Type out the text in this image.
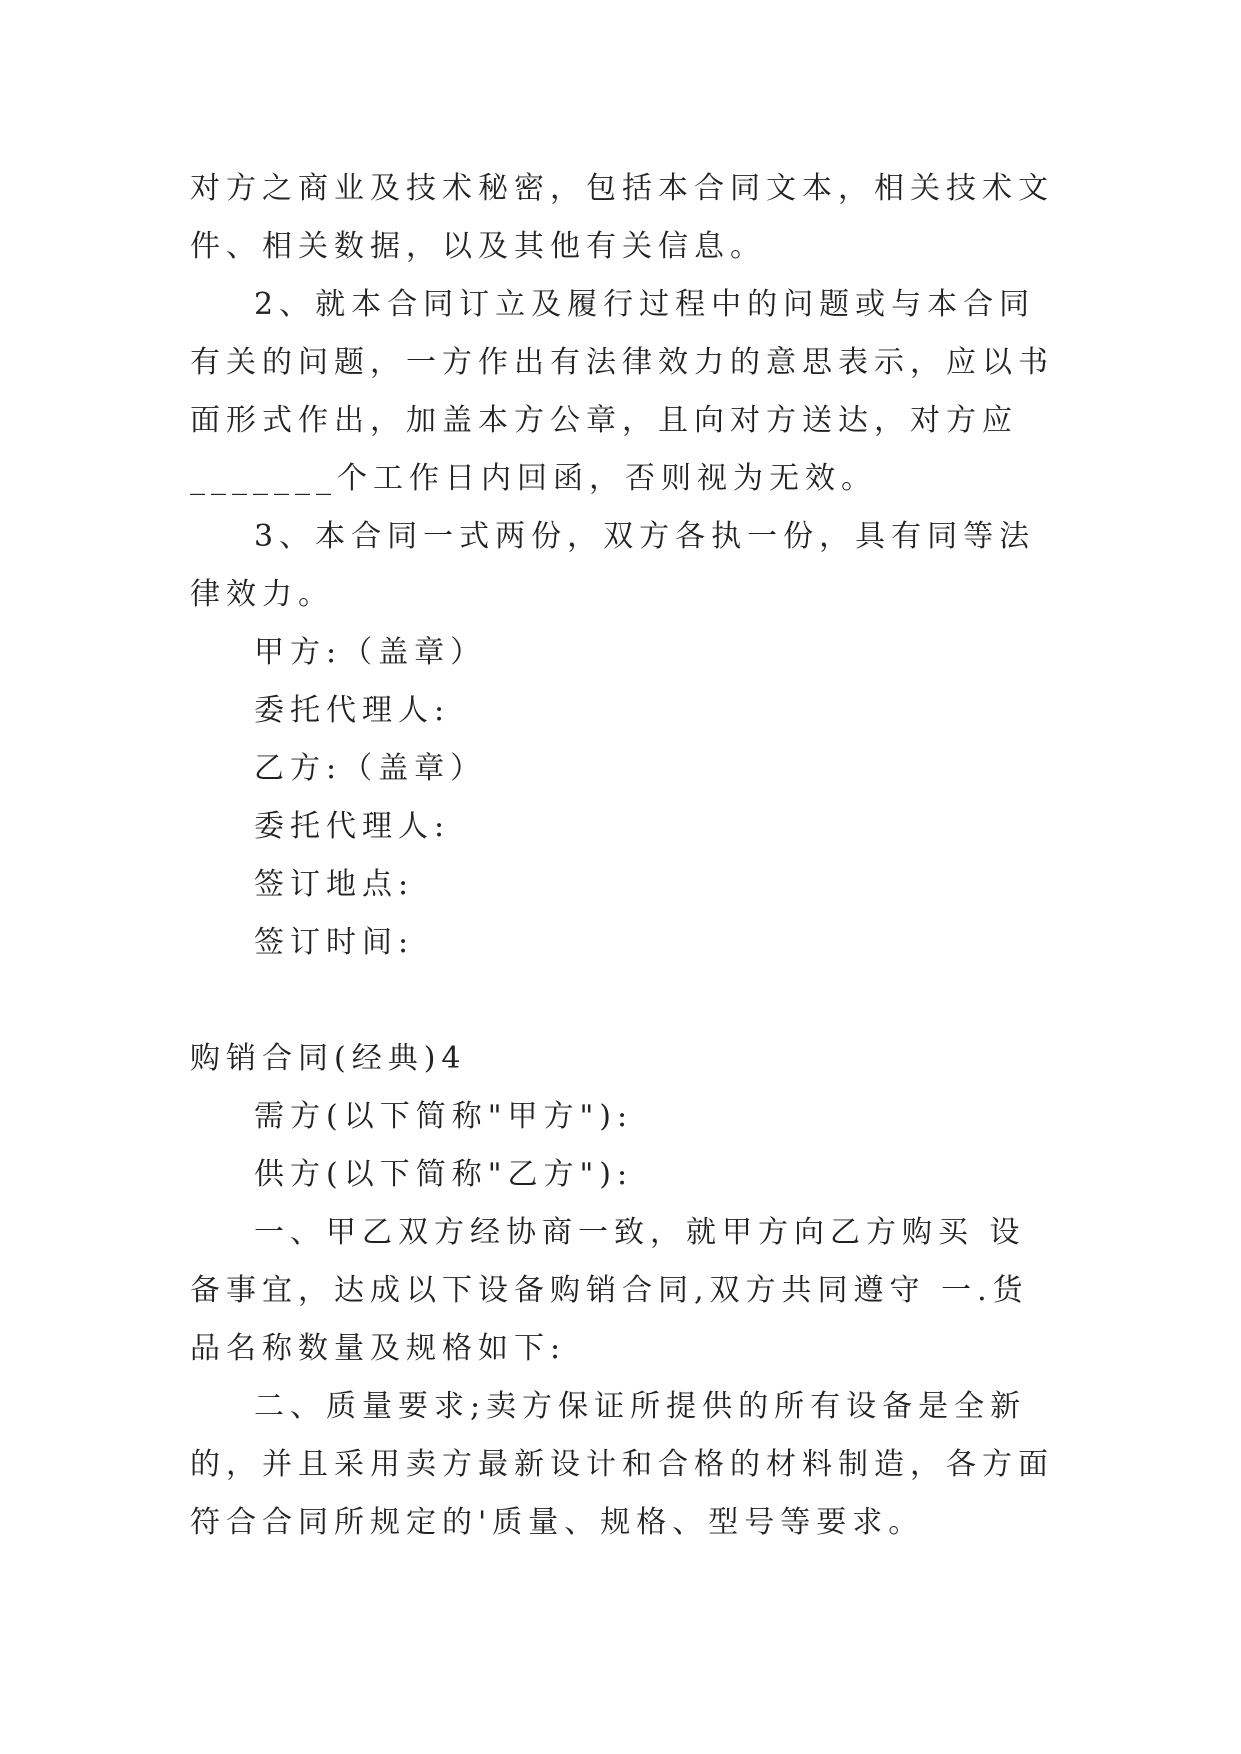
对方之商业及技术秘密，包括本合同文本，相关技术文件、相关数据，以及其他有关信息。

2、就本合同订立及履行过程中的问题或与本合同有关的问题，一方作出有法律效力的意思表示，应以书面形式作出，加盖本方公章，且向对方送达，对方应_______个工作日内回函，否则视为无效。

3、本合同一式两份，双方各执一份，具有同等法律效力。

甲方:（盖章）

委托代理人:

乙方:（盖章）

委托代理人:

签订地点:

签订时间:

购销合同(经典)4

需方(以下简称"甲方"):

供方(以下简称"乙方"):

一、甲乙双方经协商一致，就甲方向乙方购买 设备事宜，达成以下设备购销合同,双方共同遵守 一.货品名称数量及规格如下:

二、质量要求;卖方保证所提供的所有设备是全新的，并且采用卖方最新设计和合格的材料制造，各方面符合合同所规定的'质量、规格、型号等要求。
